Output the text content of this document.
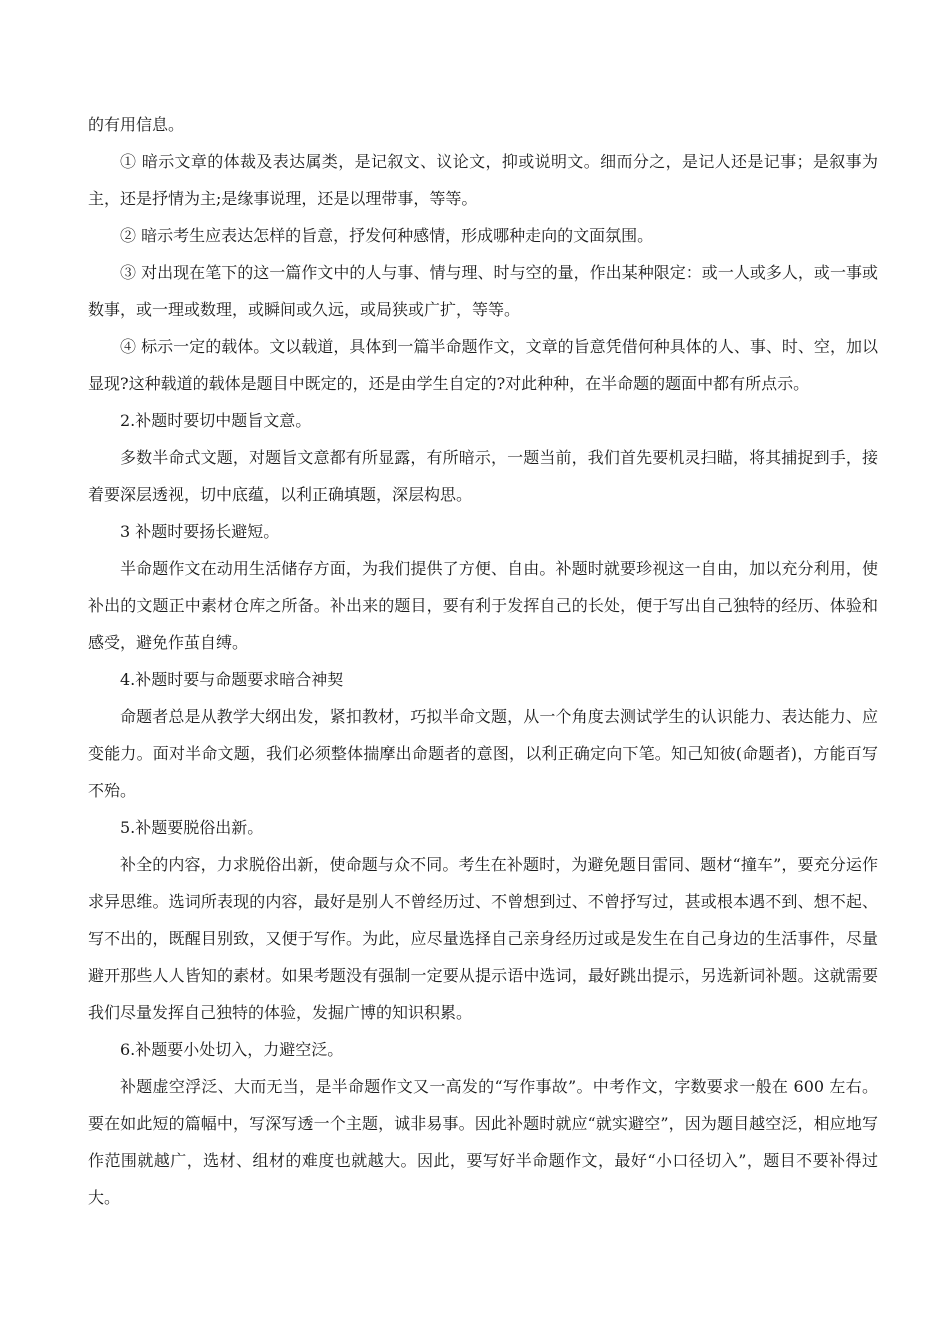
的有用信息。

① 暗示文章的体裁及表达属类，是记叙文、议论文，抑或说明文。细而分之，是记人还是记事；是叙事为主，还是抒情为主;是缘事说理，还是以理带事，等等。

② 暗示考生应表达怎样的旨意，抒发何种感情，形成哪种走向的文面氛围。

③ 对出现在笔下的这一篇作文中的人与事、情与理、时与空的量，作出某种限定：或一人或多人，或一事或数事，或一理或数理，或瞬间或久远，或局狭或广扩，等等。

④ 标示一定的载体。文以载道，具体到一篇半命题作文，文章的旨意凭借何种具体的人、事、时、空，加以显现?这种载道的载体是题目中既定的，还是由学生自定的?对此种种，在半命题的题面中都有所点示。

2.补题时要切中题旨文意。

多数半命式文题，对题旨文意都有所显露，有所暗示，一题当前，我们首先要机灵扫瞄，将其捕捉到手，接着要深层透视，切中底蕴，以利正确填题，深层构思。

3 补题时要扬长避短。

半命题作文在动用生活储存方面，为我们提供了方便、自由。补题时就要珍视这一自由，加以充分利用，使补出的文题正中素材仓库之所备。补出来的题目，要有利于发挥自己的长处，便于写出自己独特的经历、体验和感受，避免作茧自缚。

4.补题时要与命题要求暗合神契

命题者总是从教学大纲出发，紧扣教材，巧拟半命文题，从一个角度去测试学生的认识能力、表达能力、应变能力。面对半命文题，我们必须整体揣摩出命题者的意图，以利正确定向下笔。知己知彼(命题者)，方能百写不殆。

5.补题要脱俗出新。

补全的内容，力求脱俗出新，使命题与众不同。考生在补题时，为避免题目雷同、题材“撞车”，要充分运作求异思维。选词所表现的内容，最好是别人不曾经历过、不曾想到过、不曾抒写过，甚或根本遇不到、想不起、写不出的，既醒目别致，又便于写作。为此，应尽量选择自己亲身经历过或是发生在自己身边的生活事件，尽量避开那些人人皆知的素材。如果考题没有强制一定要从提示语中选词，最好跳出提示，另选新词补题。这就需要我们尽量发挥自己独特的体验，发掘广博的知识积累。

6.补题要小处切入，力避空泛。

补题虚空浮泛、大而无当，是半命题作文又一高发的“写作事故”。中考作文，字数要求一般在 600 左右。要在如此短的篇幅中，写深写透一个主题，诚非易事。因此补题时就应“就实避空”，因为题目越空泛，相应地写作范围就越广，选材、组材的难度也就越大。因此，要写好半命题作文，最好“小口径切入”，题目不要补得过大。
